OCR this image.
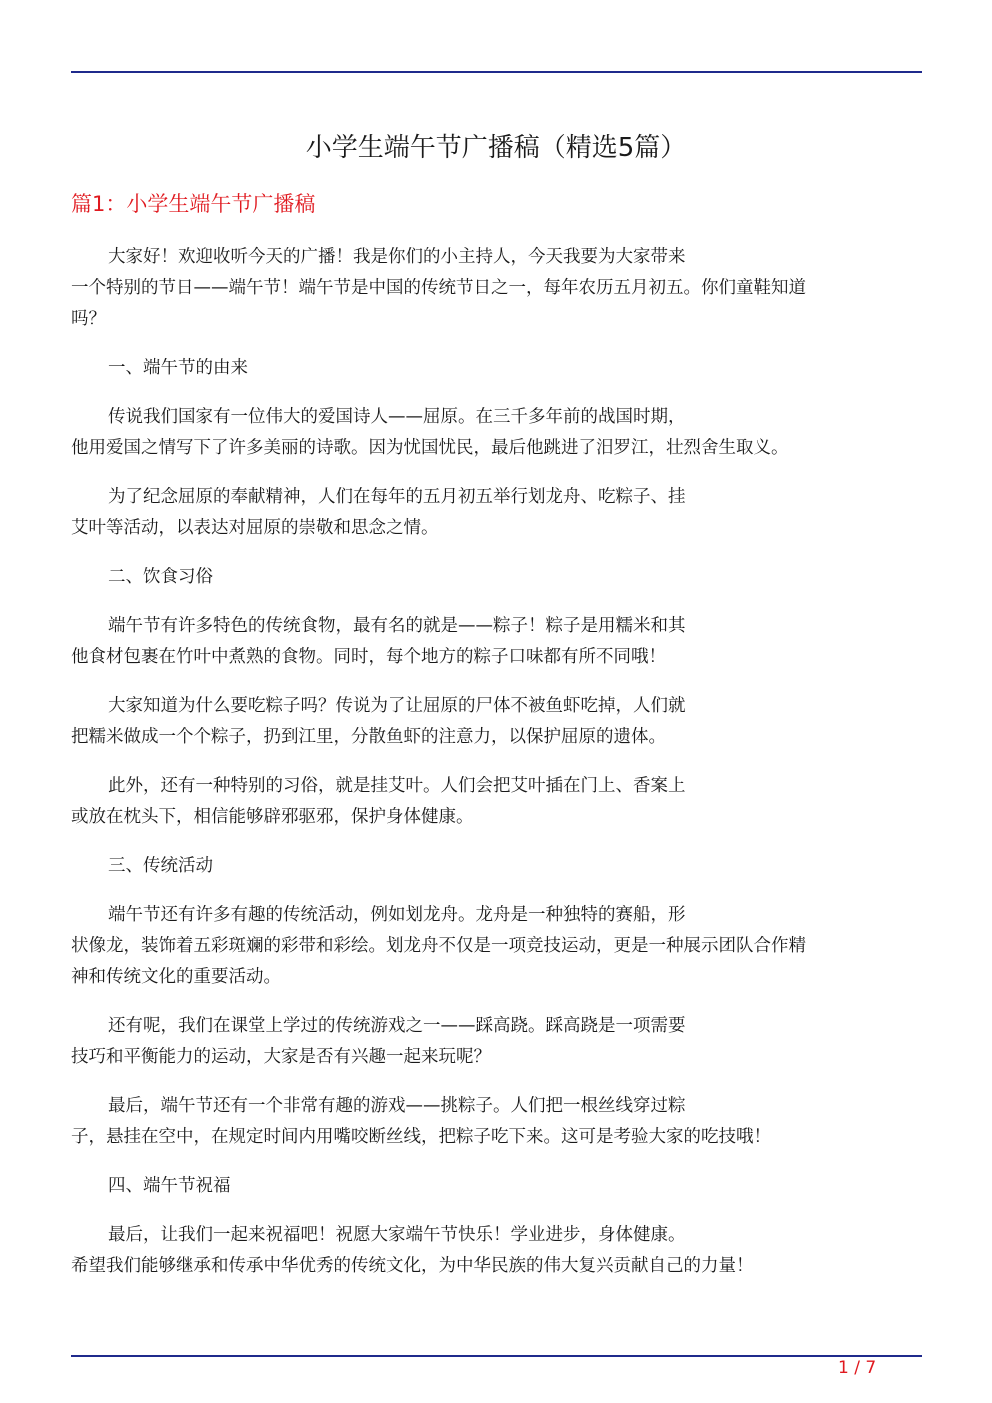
小学生端午节广播稿（精选5篇）
篇1：小学生端午节广播稿
大家好！欢迎收听今天的广播！我是你们的小主持人，今天我要为大家带来
一个特别的节日——端午节！端午节是中国的传统节日之一，每年农历五月初五。你们童鞋知道
吗？
一、端午节的由来
传说我们国家有一位伟大的爱国诗人——屈原。在三千多年前的战国时期，
他用爱国之情写下了许多美丽的诗歌。因为忧国忧民，最后他跳进了汨罗江，壮烈舍生取义。
为了纪念屈原的奉献精神，人们在每年的五月初五举行划龙舟、吃粽子、挂
艾叶等活动，以表达对屈原的崇敬和思念之情。
二、饮食习俗
端午节有许多特色的传统食物，最有名的就是——粽子！粽子是用糯米和其
他食材包裹在竹叶中煮熟的食物。同时，每个地方的粽子口味都有所不同哦！
大家知道为什么要吃粽子吗？传说为了让屈原的尸体不被鱼虾吃掉，人们就
把糯米做成一个个粽子，扔到江里，分散鱼虾的注意力，以保护屈原的遗体。
此外，还有一种特别的习俗，就是挂艾叶。人们会把艾叶插在门上、香案上
或放在枕头下，相信能够辟邪驱邪，保护身体健康。
三、传统活动
端午节还有许多有趣的传统活动，例如划龙舟。龙舟是一种独特的赛船，形
状像龙，装饰着五彩斑斓的彩带和彩绘。划龙舟不仅是一项竞技运动，更是一种展示团队合作精
神和传统文化的重要活动。
还有呢，我们在课堂上学过的传统游戏之一——踩高跷。踩高跷是一项需要
技巧和平衡能力的运动，大家是否有兴趣一起来玩呢？
最后，端午节还有一个非常有趣的游戏——挑粽子。人们把一根丝线穿过粽
子，悬挂在空中，在规定时间内用嘴咬断丝线，把粽子吃下来。这可是考验大家的吃技哦！
四、端午节祝福
最后，让我们一起来祝福吧！祝愿大家端午节快乐！学业进步，身体健康。
希望我们能够继承和传承中华优秀的传统文化，为中华民族的伟大复兴贡献自己的力量！
1 / 7
